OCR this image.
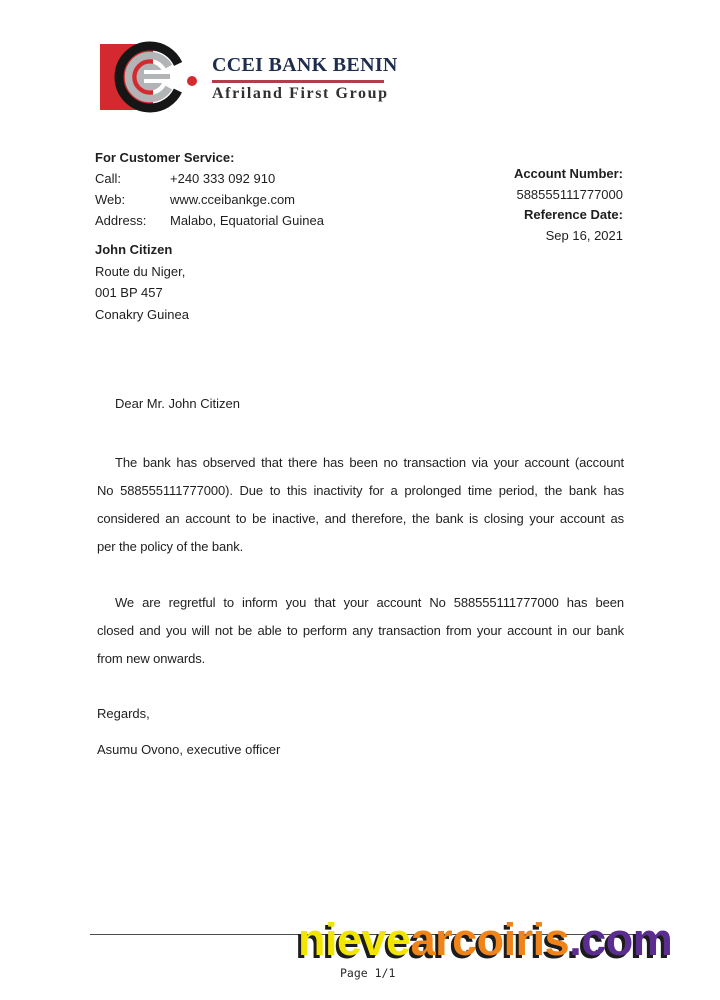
CCEI BANK BENIN
Afriland First Group
For Customer Service:
Call:	+240 333 092 910
Web:	www.cceibankge.com
Address: Malabo, Equatorial Guinea
Account Number:
588555111777000
Reference Date:
Sep 16, 2021
John Citizen
Route du Niger,
001 BP 457
Conakry Guinea
Dear Mr. John Citizen
The bank has observed that there has been no transaction via your account (account
No 588555111777000). Due to this inactivity for a prolonged time period, the bank has
considered an account to be inactive, and therefore, the bank is closing your account as
per the policy of the bank.
We are regretful to inform you that your account No 588555111777000 has been
closed and you will not be able to perform any transaction from your account in our bank
from new onwards.
Regards,
Asumu Ovono, executive officer
nievearcoiris.com
Page 1/1
